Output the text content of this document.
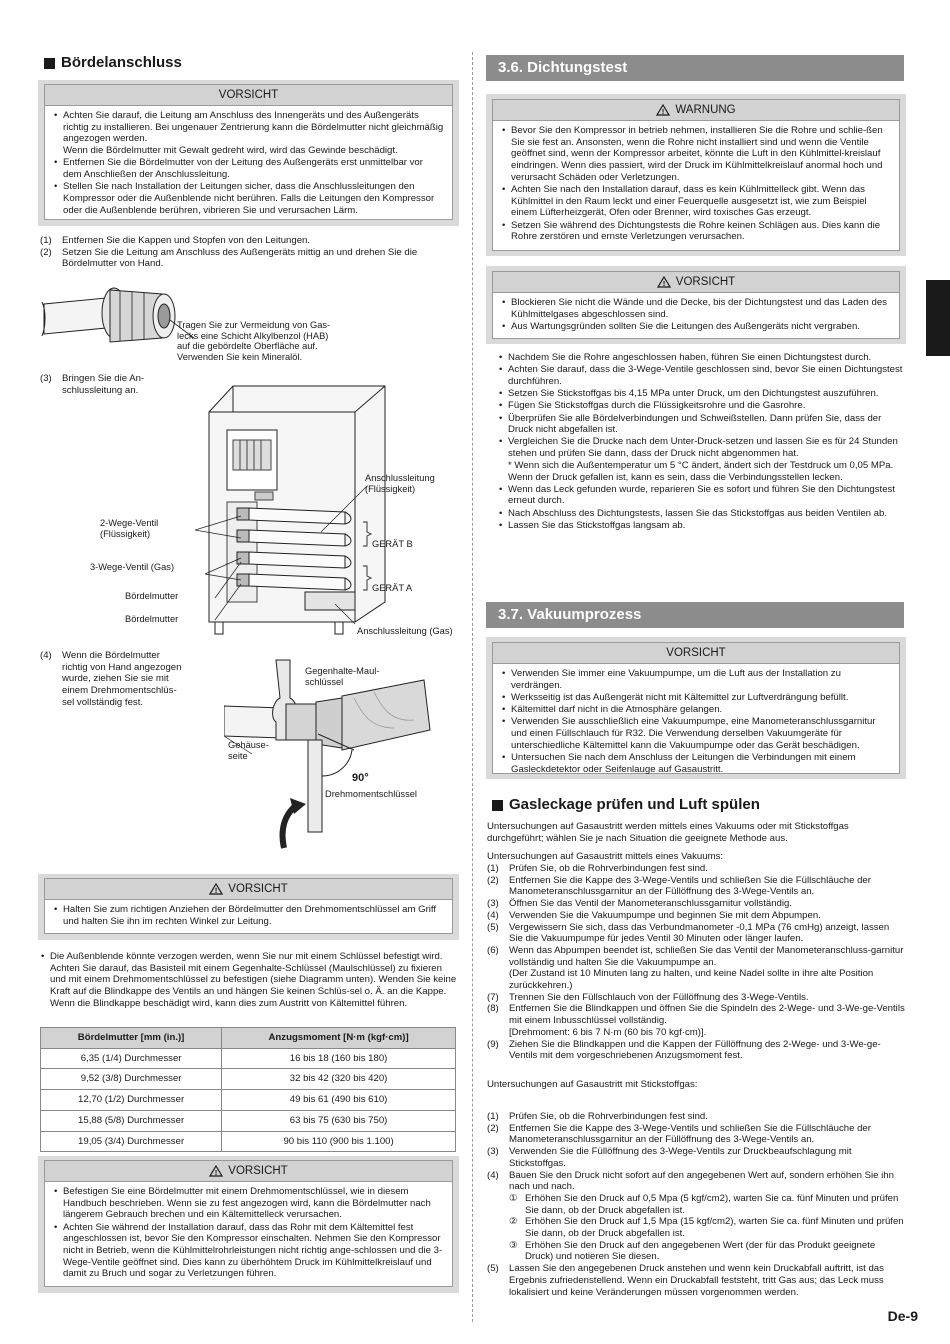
Bördelanschluss
VORSICHT
• Achten Sie darauf, die Leitung am Anschluss des Innengeräts und des Außengeräts richtig zu installieren. Bei ungenauer Zentrierung kann die Bördelmutter nicht gleichmäßig angezogen werden.
Wenn die Bördelmutter mit Gewalt gedreht wird, wird das Gewinde beschädigt.
• Entfernen Sie die Bördelmutter von der Leitung des Außengeräts erst unmittelbar vor dem Anschließen der Anschlussleitung.
• Stellen Sie nach Installation der Leitungen sicher, dass die Anschlussleitungen den Kompressor oder die Außenblende nicht berühren. Falls die Leitungen den Kompressor oder die Außenblende berühren, vibrieren Sie und verursachen Lärm.
(1)	Entfernen Sie die Kappen und Stopfen von den Leitungen.
(2)	Setzen Sie die Leitung am Anschluss des Außengeräts mittig an und drehen Sie die Bördelmutter von Hand.
Tragen Sie zur Vermeidung von Gas-
lecks eine Schicht Alkylbenzol (HAB)
auf die gebördelte Oberfläche auf.
Verwenden Sie kein Mineralöl.
(3)	Bringen Sie die An-
schlussleitung an.
Anschlussleitung
(Flüssigkeit)
2-Wege-Ventil
(Flüssigkeit)
3-Wege-Ventil (Gas)
Bördelmutter
Bördelmutter
GERÄT B
GERÄT A
Anschlussleitung (Gas)
(4)	Wenn die Bördelmutter
richtig von Hand angezogen
wurde, ziehen Sie sie mit
einem Drehmomentschlüs-
sel vollständig fest.
Gegenhalte-Maul-
schlüssel
Gehäuse-
seite
90°
Drehmomentschlüssel
! VORSICHT
• Halten Sie zum richtigen Anziehen der Bördelmutter den Drehmomentschlüssel am Griff und halten Sie ihn im rechten Winkel zur Leitung.
• Die Außenblende könnte verzogen werden, wenn Sie nur mit einem Schlüssel befestigt wird. Achten Sie darauf, das Basisteil mit einem Gegenhalte-Schlüssel (Maulschlüssel) zu fixieren und mit einem Drehmomentschlüssel zu befestigen (siehe Diagramm unten). Wenden Sie keine Kraft auf die Blindkappe des Ventils an und hängen Sie keinen Schlüs-sel o. Ä. an die Kappe. Wenn die Blindkappe beschädigt wird, kann dies zum Austritt von Kältemittel führen.
Bördelmutter [mm (in.)]	Anzugsmoment [N·m (kgf·cm)]
6,35 (1/4) Durchmesser	16 bis 18 (160 bis 180)
9,52 (3/8) Durchmesser	32 bis 42 (320 bis 420)
12,70 (1/2) Durchmesser	49 bis 61 (490 bis 610)
15,88 (5/8) Durchmesser	63 bis 75 (630 bis 750)
19,05 (3/4) Durchmesser	90 bis 110 (900 bis 1.100)
! VORSICHT
• Befestigen Sie eine Bördelmutter mit einem Drehmomentschlüssel, wie in diesem Handbuch beschrieben. Wenn sie zu fest angezogen wird, kann die Bördelmutter nach längerem Gebrauch brechen und ein Kältemittelleck verursachen.
• Achten Sie während der Installation darauf, dass das Rohr mit dem Kältemittel fest angeschlossen ist, bevor Sie den Kompressor einschalten. Nehmen Sie den Kompressor nicht in Betrieb, wenn die Kühlmittelrohrleistungen nicht richtig ange-schlossen und die 3-Wege-Ventile geöffnet sind. Dies kann zu überhöhtem Druck im Kühlmittelkreislauf und damit zu Bruch und sogar zu Verletzungen führen.
3.6. Dichtungstest
! WARNUNG
• Bevor Sie den Kompressor in betrieb nehmen, installieren Sie die Rohre und schlie-ßen Sie sie fest an. Ansonsten, wenn die Rohre nicht installiert sind und wenn die Ventile geöffnet sind, wenn der Kompressor arbeitet, könnte die Luft in den Kühlmittel-kreislauf eindringen. Wenn dies passiert, wird der Druck im Kühlmittelkreislauf anormal hoch und verursacht Schäden oder Verletzungen.
• Achten Sie nach den Installation darauf, dass es kein Kühlmittelleck gibt. Wenn das Kühlmittel in den Raum leckt und einer Feuerquelle ausgesetzt ist, wie zum Beispiel einem Lüfterheizgerät, Ofen oder Brenner, wird toxisches Gas erzeugt.
• Setzen Sie während des Dichtungstests die Rohre keinen Schlägen aus. Dies kann die Rohre zerstören und ernste Verletzungen verursachen.
! VORSICHT
• Blockieren Sie nicht die Wände und die Decke, bis der Dichtungstest und das Laden des Kühlmittelgases abgeschlossen sind.
• Aus Wartungsgründen sollten Sie die Leitungen des Außengeräts nicht vergraben.
• Nachdem Sie die Rohre angeschlossen haben, führen Sie einen Dichtungstest durch.
• Achten Sie darauf, dass die 3-Wege-Ventile geschlossen sind, bevor Sie einen Dichtungstest durchführen.
• Setzen Sie Stickstoffgas bis 4,15 MPa unter Druck, um den Dichtungstest auszuführen.
• Fügen Sie Stickstoffgas durch die Flüssigkeitsrohre und die Gasrohre.
• Überprüfen Sie alle Bördelverbindungen und Schweißstellen. Dann prüfen Sie, dass der Druck nicht abgefallen ist.
• Vergleichen Sie die Drucke nach dem Unter-Druck-setzen und lassen Sie es für 24 Stunden stehen und prüfen Sie dann, dass der Druck nicht abgenommen hat.
* Wenn sich die Außentemperatur um 5 °C ändert, ändert sich der Testdruck um 0,05 MPa. Wenn der Druck gefallen ist, kann es sein, dass die Verbindungsstellen lecken.
• Wenn das Leck gefunden wurde, reparieren Sie es sofort und führen Sie den Dichtungstest erneut durch.
• Nach Abschluss des Dichtungstests, lassen Sie das Stickstoffgas aus beiden Ventilen ab.
• Lassen Sie das Stickstoffgas langsam ab.
3.7. Vakuumprozess
VORSICHT
• Verwenden Sie immer eine Vakuumpumpe, um die Luft aus der Installation zu verdrängen.
• Werksseitig ist das Außengerät nicht mit Kältemittel zur Luftverdrängung befüllt.
• Kältemittel darf nicht in die Atmosphäre gelangen.
• Verwenden Sie ausschließlich eine Vakuumpumpe, eine Manometeranschlussgarnitur und einen Füllschlauch für R32. Die Verwendung derselben Vakuumgeräte für unterschiedliche Kältemittel kann die Vakuumpumpe oder das Gerät beschädigen.
• Untersuchen Sie nach dem Anschluss der Leitungen die Verbindungen mit einem Gasleckdetektor oder Seifenlauge auf Gasaustritt.
Gasleckage prüfen und Luft spülen
Untersuchungen auf Gasaustritt werden mittels eines Vakuums oder mit Stickstoffgas durchgeführt; wählen Sie je nach Situation die geeignete Methode aus.
Untersuchungen auf Gasaustritt mittels eines Vakuums:
(1)	Prüfen Sie, ob die Rohrverbindungen fest sind.
(2)	Entfernen Sie die Kappe des 3-Wege-Ventils und schließen Sie die Füllschläuche der Manometeranschlussgarnitur an der Füllöffnung des 3-Wege-Ventils an.
(3)	Öffnen Sie das Ventil der Manometeranschlussgarnitur vollständig.
(4)	Verwenden Sie die Vakuumpumpe und beginnen Sie mit dem Abpumpen.
(5)	Vergewissern Sie sich, dass das Verbundmanometer -0,1 MPa (76 cmHg) anzeigt, lassen Sie die Vakuumpumpe für jedes Ventil 30 Minuten oder länger laufen.
(6)	Wenn das Abpumpen beendet ist, schließen Sie das Ventil der Manometeranschluss-garnitur vollständig und halten Sie die Vakuumpumpe an.
(Der Zustand ist 10 Minuten lang zu halten, und keine Nadel sollte in ihre alte Position zurückkehren.)
(7)	Trennen Sie den Füllschlauch von der Füllöffnung des 3-Wege-Ventils.
(8)	Entfernen Sie die Blindkappen und öffnen Sie die Spindeln des 2-Wege- und 3-We-ge-Ventils mit einem Inbusschlüssel vollständig.
[Drehmoment: 6 bis 7 N·m (60 bis 70 kgf·cm)].
(9)	Ziehen Sie die Blindkappen und die Kappen der Füllöffnung des 2-Wege- und 3-We-ge-Ventils mit dem vorgeschriebenen Anzugsmoment fest.
Untersuchungen auf Gasaustritt mit Stickstoffgas:
(1)	Prüfen Sie, ob die Rohrverbindungen fest sind.
(2)	Entfernen Sie die Kappe des 3-Wege-Ventils und schließen Sie die Füllschläuche der Manometeranschlussgarnitur an der Füllöffnung des 3-Wege-Ventils an.
(3)	Verwenden Sie die Füllöffnung des 3-Wege-Ventils zur Druckbeaufschlagung mit Stickstoffgas.
(4)	Bauen Sie den Druck nicht sofort auf den angegebenen Wert auf, sondern erhöhen Sie ihn nach und nach.
① Erhöhen Sie den Druck auf 0,5 Mpa (5 kgf/cm2), warten Sie ca. fünf Minuten und prüfen Sie dann, ob der Druck abgefallen ist.
② Erhöhen Sie den Druck auf 1,5 Mpa (15 kgf/cm2), warten Sie ca. fünf Minuten und prüfen Sie dann, ob der Druck abgefallen ist.
③ Erhöhen Sie den Druck auf den angegebenen Wert (der für das Produkt geeignete Druck) und notieren Sie diesen.
(5)	Lassen Sie den angegebenen Druck anstehen und wenn kein Druckabfall auftritt, ist das Ergebnis zufriedenstellend. Wenn ein Druckabfall feststeht, tritt Gas aus; das Leck muss lokalisiert und keine Veränderungen müssen vorgenommen werden.
De-9
